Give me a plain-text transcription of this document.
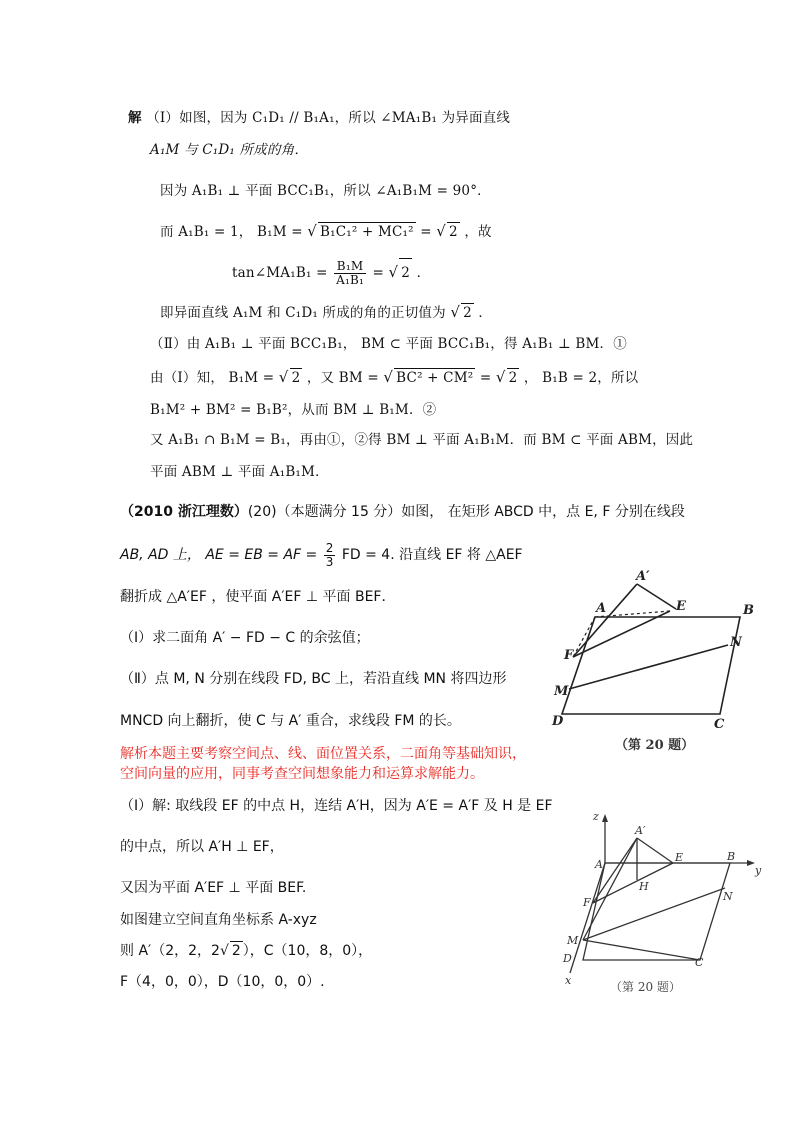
解 （Ⅰ）如图，因为 C₁D₁ // B₁A₁，所以 ∠MA₁B₁ 为异面直线
A₁M 与 C₁D₁ 所成的角．
因为 A₁B₁ ⊥ 平面 BCC₁B₁，所以 ∠A₁B₁M = 90°．
而 A₁B₁ = 1， B₁M = √ B₁C₁² + MC₁² = √ 2 ，故
tan∠MA₁B₁ = $\frac{\text{B₁M}}{\text{A₁B₁}}$ = √ 2 ．
即异面直线 A₁M 和 C₁D₁ 所成的角的正切值为 √ 2 ．
（Ⅱ）由 A₁B₁ ⊥ 平面 BCC₁B₁， BM ⊂ 平面 BCC₁B₁，得 A₁B₁ ⊥ BM．①
由（Ⅰ）知， B₁M = √ 2 ，又 BM = √ BC² + CM² = √ 2 ， B₁B = 2，所以
B₁M² + BM² = B₁B²，从而 BM ⊥ B₁M．②
又 A₁B₁ ∩ B₁M = B₁，再由①，②得 BM ⊥ 平面 A₁B₁M．而 BM ⊂ 平面 ABM，因此
平面 ABM ⊥ 平面 A₁B₁M．
（2010 浙江理数）(20)（本题满分 15 分）如图， 在矩形 ABCD 中，点 E, F 分别在线段
AB, AD 上， AE = EB = AF = $\frac{2}{3}$ FD = 4. 沿直线 EF 将 △AEF
翻折成 △A′EF ，使平面 A′EF ⊥ 平面 BEF．
（Ⅰ）求二面角 A′ − FD − C 的余弦值；
（Ⅱ）点 M, N 分别在线段 FD, BC 上，若沿直线 MN 将四边形
MNCD 向上翻折，使 C 与 A′ 重合，求线段 FM 的长。
解析本题主要考察空间点、线、面位置关系，二面角等基础知识，
空间向量的应用，同事考查空间想象能力和运算求解能力。
（Ⅰ）解: 取线段 EF 的中点 H，连结 A′H，因为 A′E = A′F 及 H 是 EF
的中点，所以 A′H ⊥ EF，
又因为平面 A′EF ⊥ 平面 BEF.
如图建立空间直角坐标系 A-xyz
则 A′（2，2，2√ 2 ），C（10，8，0），
F（4，0，0），D（10，0，0）.
A′
A	E	B
F
N
M
D	C
（第 20 题）
z
A′
A
E	B
y
H
F	N
M
D	C
x	（第 20 题）
